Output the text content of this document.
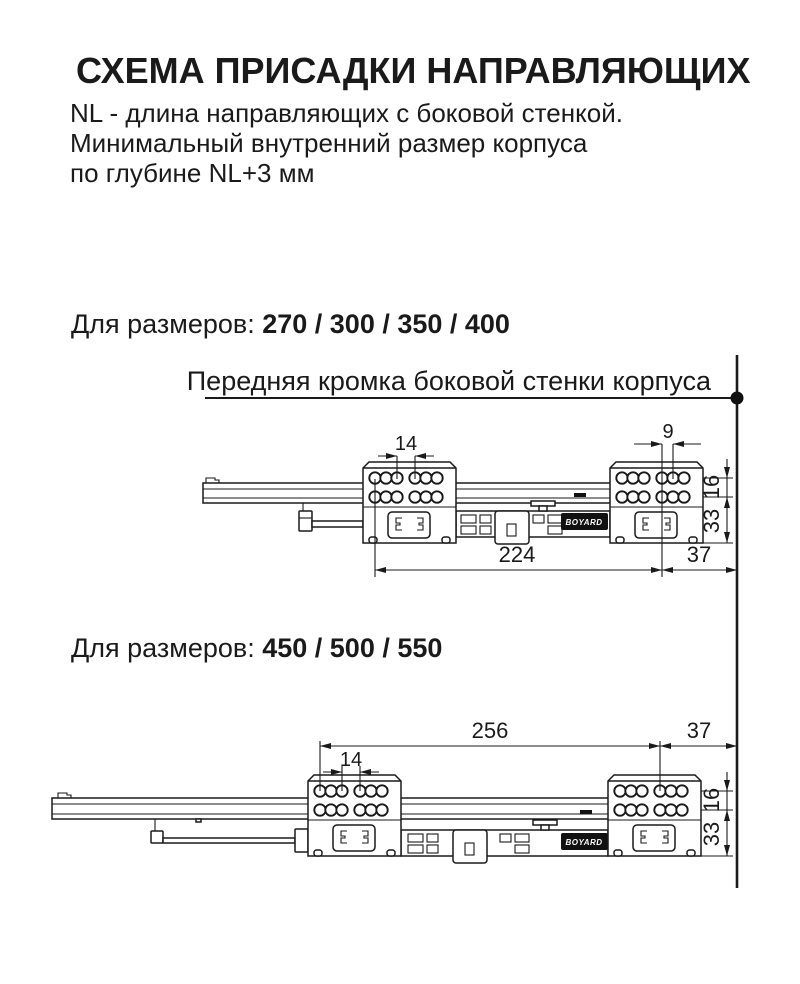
СХЕМА ПРИСАДКИ НАПРАВЛЯЮЩИХ
NL - длина направляющих с боковой стенкой.
Минимальный внутренний размер корпуса
по глубине NL+3 мм
Для размеров: 270 / 300 / 350 / 400
Передняя кромка боковой стенки корпуса
Для размеров: 450 / 500 / 550
BOYARD
14
9
224	37
16
33
BOYARD
256	37
14
16
33
